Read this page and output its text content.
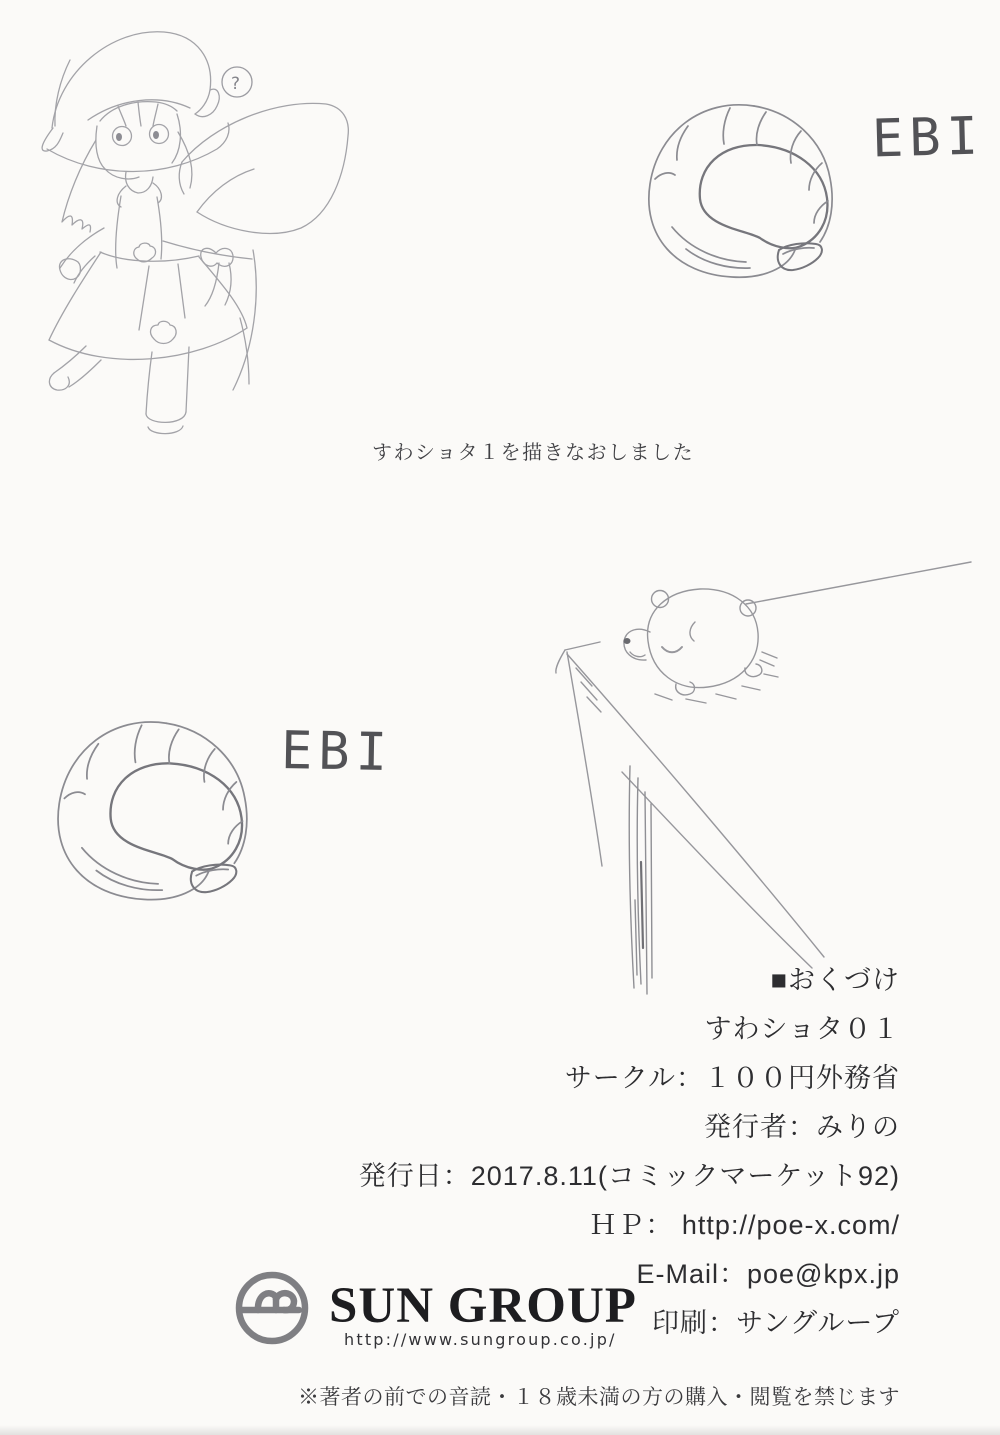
?
EBI
EBI
すわショタ１を描きなおしました
■おくづけ
すわショタ０１
サークル：１００円外務省
発行者：みりの
発行日：2017.8.11(コミックマーケット92)
ＨＰ： http://poe-x.com/
E-Mail：poe@kpx.jp
印刷：サングループ
SUN GROUP
http://www.sungroup.co.jp/
※著者の前での音読・１８歳未満の方の購入・閲覧を禁じます
